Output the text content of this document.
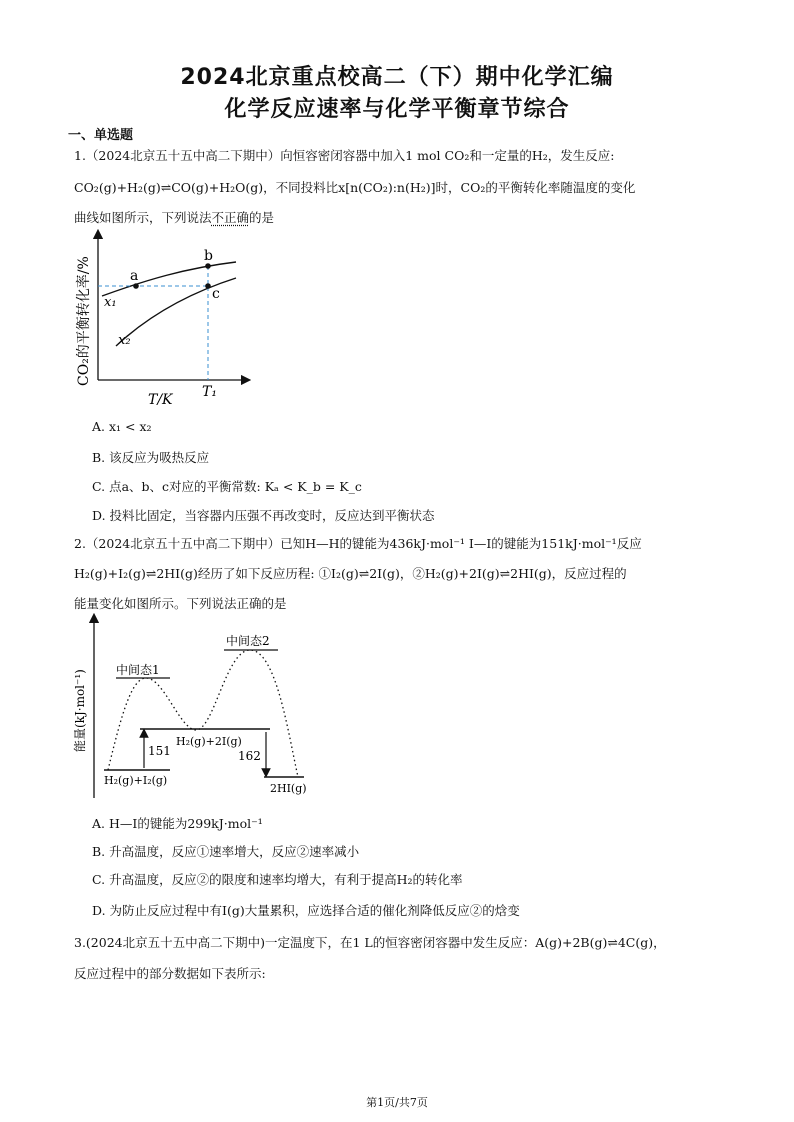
2024北京重点校高二（下）期中化学汇编
化学反应速率与化学平衡章节综合
一、单选题
1.（2024北京五十五中高二下期中）向恒容密闭容器中加入1 mol CO₂和一定量的H₂，发生反应:
CO₂(g)+H₂(g)⇌CO(g)+H₂O(g)，不同投料比x[n(CO₂):n(H₂)]时，CO₂的平衡转化率随温度的变化
曲线如图所示，下列说法不正确的是
a
b
c
x₁
x₂
T/K T₁
CO₂的平衡转化率/%
A. x₁ < x₂
B. 该反应为吸热反应
C. 点a、b、c对应的平衡常数: Kₐ < K_b = K_c
D. 投料比固定，当容器内压强不再改变时，反应达到平衡状态
2.（2024北京五十五中高二下期中）已知H—H的键能为436kJ·mol⁻¹ I—I的键能为151kJ·mol⁻¹反应
H₂(g)+I₂(g)⇌2HI(g)经历了如下反应历程: ①I₂(g)⇌2I(g)，②H₂(g)+2I(g)⇌2HI(g)，反应过程的
能量变化如图所示。下列说法正确的是
能量(kJ·mol⁻¹)	151	162
H₂(g)+2I(g)
H₂(g)+I₂(g)
2HI(g)
中间态1
中间态2
A. H—I的键能为299kJ·mol⁻¹
B. 升高温度，反应①速率增大，反应②速率减小
C. 升高温度，反应②的限度和速率均增大，有利于提高H₂的转化率
D. 为防止反应过程中有I(g)大量累积，应选择合适的催化剂降低反应②的焓变
3.(2024北京五十五中高二下期中)一定温度下，在1 L的恒容密闭容器中发生反应：A(g)+2B(g)⇌4C(g)，
反应过程中的部分数据如下表所示:
第1页/共7页
